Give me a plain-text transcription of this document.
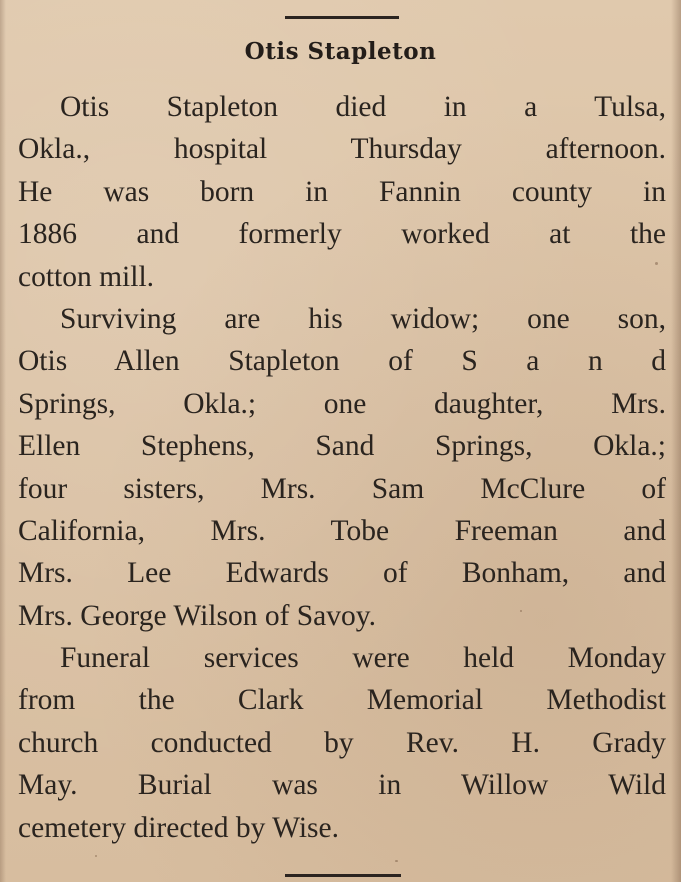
Otis Stapleton
Otis Stapleton died in a Tulsa,
Okla., hospital Thursday afternoon.
He was born in Fannin county in
1886 and formerly worked at the
cotton mill.
Surviving are his widow; one son,
Otis Allen Stapleton of S a n d
Springs, Okla.; one daughter, Mrs.
Ellen Stephens, Sand Springs, Okla.;
four sisters, Mrs. Sam McClure of
California, Mrs. Tobe Freeman and
Mrs. Lee Edwards of Bonham, and
Mrs. George Wilson of Savoy.
Funeral services were held Monday
from the Clark Memorial Methodist
church conducted by Rev. H. Grady
May. Burial was in Willow Wild
cemetery directed by Wise.
